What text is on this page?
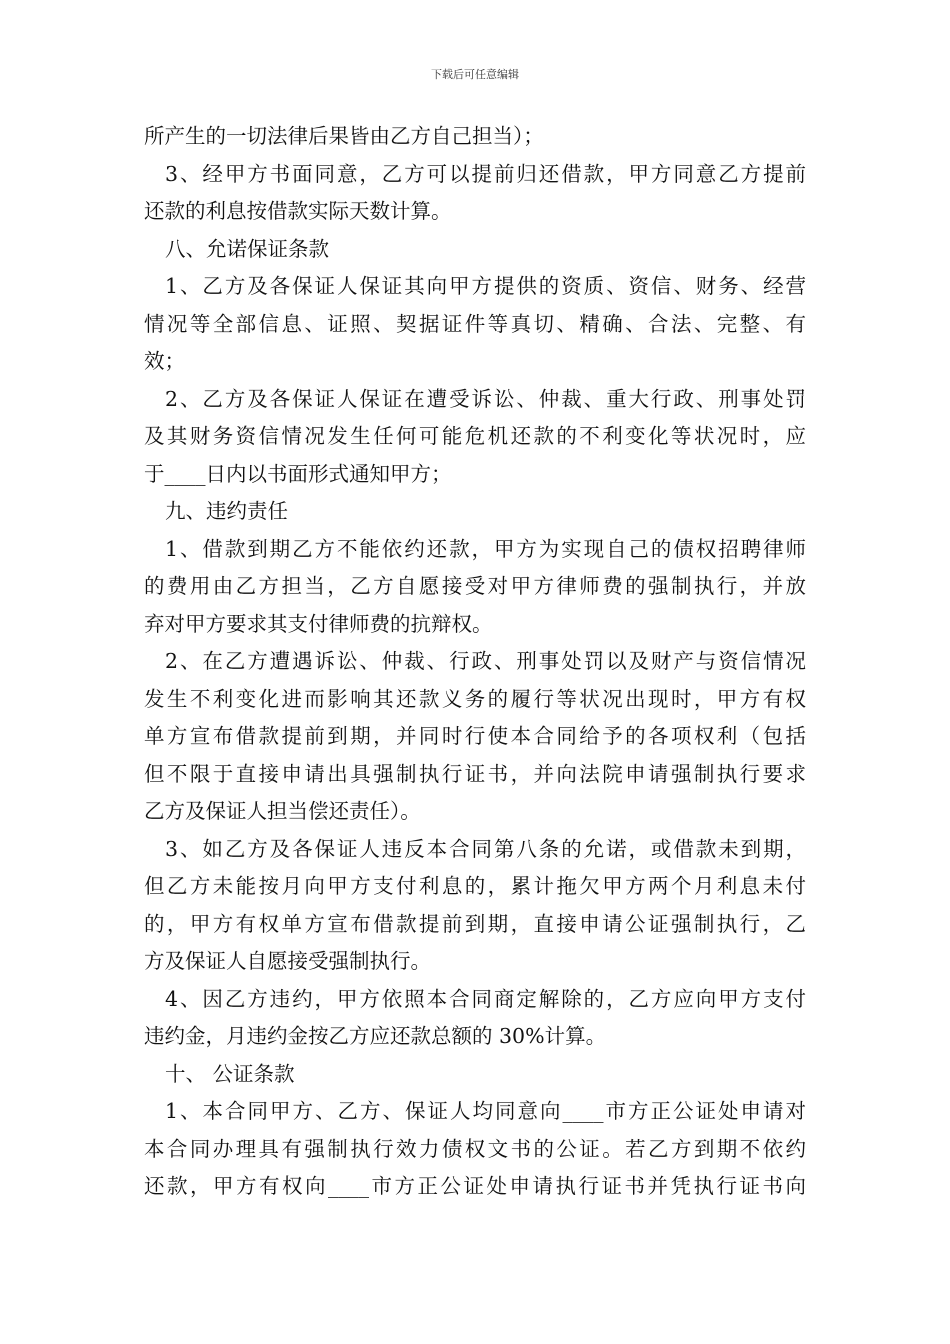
下载后可任意编辑
所产生的一切法律后果皆由乙方自己担当）；
3、经甲方书面同意，乙方可以提前归还借款，甲方同意乙方提前
还款的利息按借款实际天数计算。
八、允诺保证条款
1、乙方及各保证人保证其向甲方提供的资质、资信、财务、经营
情况等全部信息、证照、契据证件等真切、精确、合法、完整、有
效；
2、乙方及各保证人保证在遭受诉讼、仲裁、重大行政、刑事处罚
及其财务资信情况发生任何可能危机还款的不利变化等状况时，应
于____日内以书面形式通知甲方；
九、违约责任
1、借款到期乙方不能依约还款，甲方为实现自己的债权招聘律师
的费用由乙方担当，乙方自愿接受对甲方律师费的强制执行，并放
弃对甲方要求其支付律师费的抗辩权。
2、在乙方遭遇诉讼、仲裁、行政、刑事处罚以及财产与资信情况
发生不利变化进而影响其还款义务的履行等状况出现时，甲方有权
单方宣布借款提前到期，并同时行使本合同给予的各项权利（包括
但不限于直接申请出具强制执行证书，并向法院申请强制执行要求
乙方及保证人担当偿还责任）。
3、如乙方及各保证人违反本合同第八条的允诺，或借款未到期，
但乙方未能按月向甲方支付利息的，累计拖欠甲方两个月利息未付
的，甲方有权单方宣布借款提前到期，直接申请公证强制执行，乙
方及保证人自愿接受强制执行。
4、因乙方违约，甲方依照本合同商定解除的，乙方应向甲方支付
违约金，月违约金按乙方应还款总额的 30%计算。
十、 公证条款
1、本合同甲方、乙方、保证人均同意向____市方正公证处申请对
本合同办理具有强制执行效力债权文书的公证。若乙方到期不依约
还款，甲方有权向____市方正公证处申请执行证书并凭执行证书向
